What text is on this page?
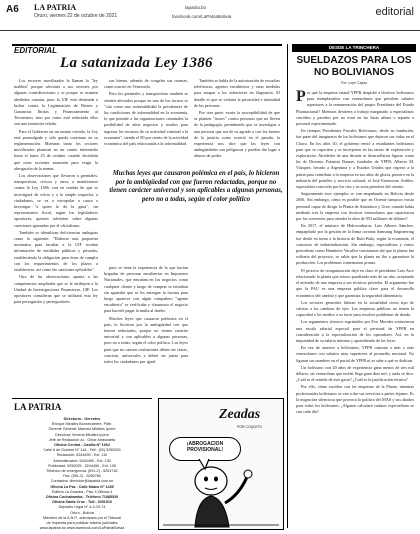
A6 LA PATRIA
Oruro, viernes 22 de octubre de 2021
lapatria.bo
facebook.com/LaPatriaBolivia	editorial
EDITORIAL
La satanizada Ley 1386

Los sectores movilizados la llaman la "ley maldita" porque afectaría a sus sectores por algunas consideraciones y se porque se asumen alrededor cuentas, pues la UIF está destinada a luchar contra la Legitimación de Bienes y Ganancias Ilícitas y Financiamiento al Terrorismo, sino por como está redactada ellos ven una intención velada.

Para el Gobierno en un asunto cerrado, la Ley está promulgada y sólo queda continuar en su reglamentación. Mientras tanto los sectores movilizados plantean en un cuarto intermedio hasta el lunes 25 de octubre, cuando decidirán qué otras acciones asumirán para exigir la abrogación de la norma.

Los observaciones que llevaron a gremiales, transportistas, cívicos y otros, a manifestarse contra la Ley 1386, van en sentido de que se investigará de oficio y a la simple sospecha, a ciudadanos, se va a extrapolar a causa e investigar "a quien lo de la gana", sin representantes fiscal, según los legisladores opositores, quienes advierten sobre algunas cuestiones ignoradas por el oficialismo.

También se identifican deficiencias ambiguas como la siguiente: "Elaborar una propuesta normativa para facultar a la UIF recabar información de entidades públicas y privadas, estableciendo la obligación para éstas de cumplir con los requerimientos de los plazos a establecerse, así como las sanciones aplicables".

Otra de las observaciones apunta a las competencias ampliadas que se le atribuyen a la Unidad de Investigaciones Financieras, UIF. Los opositores consideran que se utilizará esta ley para perseguidos y perseguidores

sus bienes, además de congelar sus cuentas, como ocurrió en Venezuela.

Pero los gremiales y transportistas también se sienten afectados porque en uno de los incisos se "cita como una vulnerabilidad la prevalencia de las condiciones de informalidad en la economía, lo que permite a las organizaciones criminales la posibilidad de abrir negocios y usarlos para ingresar los recursos de su actividad criminal a la economía", siendo el 90 por ciento de la actividad económica del país relacionada a la informalidad.

Muchas leyes que causaron polémica en el país, lo hicieron por la ambigüedad con que fueron redactadas, porque no tienen carácter universal y son aplicables a algunas personas, pero no a todas, según el color político

pues se tiene la experiencia de lo que hacían brigadas de personas encubiertas en Impuestos Nacionales, que entraban en los negocios como cualquier cliente y luego de comprar se retiraban sin aguardar que se les entregue la factura para luego aparecer con algún compañero "agente encubierto" se verificaba y clausurara el negocio para hacerle pagar la multa al dueño.

Muchos leyes que causaron polémica en el país, lo hicieron por la ambigüedad con que fueron redactadas, porque no tienen carácter universal y son aplicables a algunas personas, pero no a todas, según el color político. Las leyes para que no causen confusiones deben ser claras, concisas, universales y deben ser justas para todos los ciudadanos por igual.

También se habla de la autorización de escuchas telefónicas, agentes encubiertos y otras medidas para atrapar a los infractores en flagrancia. El detalle es que se violaría la privacidad e intimidad de las personas.

Por otra parte, existe la susceptibilidad de que se planten "trozos" contra personas que no lleven de la pedagogía, permitiendo que se investigue a una persona que sea de su agrado o con los fuertes de la justicia como ocurrió en el pasado, la experiencia nos dice que las leyes con ambigüedades son peligrosas y pueden dar lugar a abusos de poder.

LA PATRIA
Directorio - Gerentes
Enrique Miralles Bonnecarrère, Pdte.
Gerente General: Marcelo Miralles Iporre
Directora: Ximena Miralles Iporre
Jefe de Redacción a.i.: Omar Arrascaeta
Oficina Central - Casilla N° 1662
Calle 6 de Octubre N° 144 - Telf.: (02) 5250025
Redacción: 5244490 - Ext. 110
Administración: 5244490 - Ext. 130
Publicidad: 5250025 - 5244490 - Ext. 105
Teléfono de emergencia: (591-2) - 5251718
Fax: (591-2) - 5250780
Contactos: direccion@lapatria.com.bo
Oficina La Paz - Calle Mateo N° 1439
Edificio La Guardia - Piso 3 Oficina 4
Oficina Cochabamba - Teléfono 71985520
Oficina Santa Cruz - Telf.: 3351010
Depósito Legal N° 4-3-29-74
Oruro - Bolivia
Miembro de la A.N.P., autorizado por el Tribunal
de Imprenta para publicar edictos judiciales
www.lapatria.bo www.facebook.com/LaPatriaBolivia
Zeadas
POR COQUITO
¡ABROGACION PROVISIONAL!
DESDE LA TRINCHERA
SUELDAZOS PARA LOS NO BOLIVIANOS
Por: Lupe Cajías

Por qué la empresa estatal YPFB despidió a técnicos bolivianos para reemplazarlos con venezolanos que perciben salarios superiores a la remuneración del propio Presidente del Estado Plurinacional? Mientras destierra a trabajo marginado a especialistas cruceños y paceños por no estar en las listas afines o repartir a personal experimentado.

En tiempos Presidentes Fiscales Bolivianos, desde su fundación, fue parte del imaginario de los bolivianos que dejaron sus vidas en el Chaco. En los años 30, el gobierno envió a estudiantes bolivianos para que se capaciten y se incorporen en las tareas de explotación y exploración. Alrededor de una decada se desarrollaron figuras como las de Dionisio Foianini Banzer, fundador de YPFB, Alberto M. Vázquez, becado a Argentina y a Estados Unidos que regresó a la patria para contribuir a la empresa en sus años de gloria, pionero en la industria del petróleo y servicio cultural; el José Estenssoro Ardiles; especialista conocido por los ríos y su zona petrolera del oriente.

Seguramente esos ejemplos se van empañando en Bolivia desde 2006. Sin embargo, cómo es posible que en Oriente tampoco exista personal capaz de dirigir la Planta de Amoníaco y Urea, cuando había mediado tres la empresa con técnicos venezolanos que capacitaron por los convenios para atender la obra de 953 millones de dólares?

En 2017, el ministro de Hidrocarburos, Luis Alberto Sánchez, empapelado por la gestión de la firma coreana Samsung Engineering fue desde en torno a la historia de Bulo-Bulo, según la economía, el consorcio de industrialización. Sin embargo, especialistas y varios periodistas como Humberto Vacaflor constataron ahí que la planta fue solitaria del proyecto, se sabía que la planta no iba a garantizar la producción. Los problemas comenzaron pronto.

El proceso de reorganización dejó en claro el presidente Luis Arce relacionado la planta que estuvo paralizada más de un año, aceptando el arriendo de una empresa a sus técnicos privados. El argumento fue que la PAU es una empresa pública clave para el desarrollo económico del cambio y que garantiza la seguridad alimentaria.

Los sectores generales lideran en la actualidad cierto tipo de críticas a los cambios de ejes. Las empresas públicas no tienen la capacidad o los medios a su favor para resolver problemas de deuda.

Los argumentos técnicos esgrimidos por Evo Morales sostuvieron una escala salarial especial para el personal de YPFB en consideración a la especialización de los operadores. Así, en la impunidad de su salario mínimo y aprendiendo de las leyes.

En vez de atraerse a bolivianos, YPFB contrata a más y más venezolanos con salarios muy superiores al promedio nacional. No figuran sus nombres en el portal de YPFB ni se sabe a qué se dedican.

Un boliviano con 20 años de experiencia gana menos de tres mil dólares, un venezolano que recién llega gana diez mil, y nada se dice. ¿Cuál es el sentido de este gasto? ¿Cuál es la justificación técnica?

Por ello, cómo suceden con las empresas de la Planta, mientras profesionales bolivianos se van a dar sus servicios a países lejanos. Es la migración silenciosa que provoca la política del MAS y sus aliados para todos los bolivianos. ¡Alguien calculará cuántos especialistas se van cada día?
